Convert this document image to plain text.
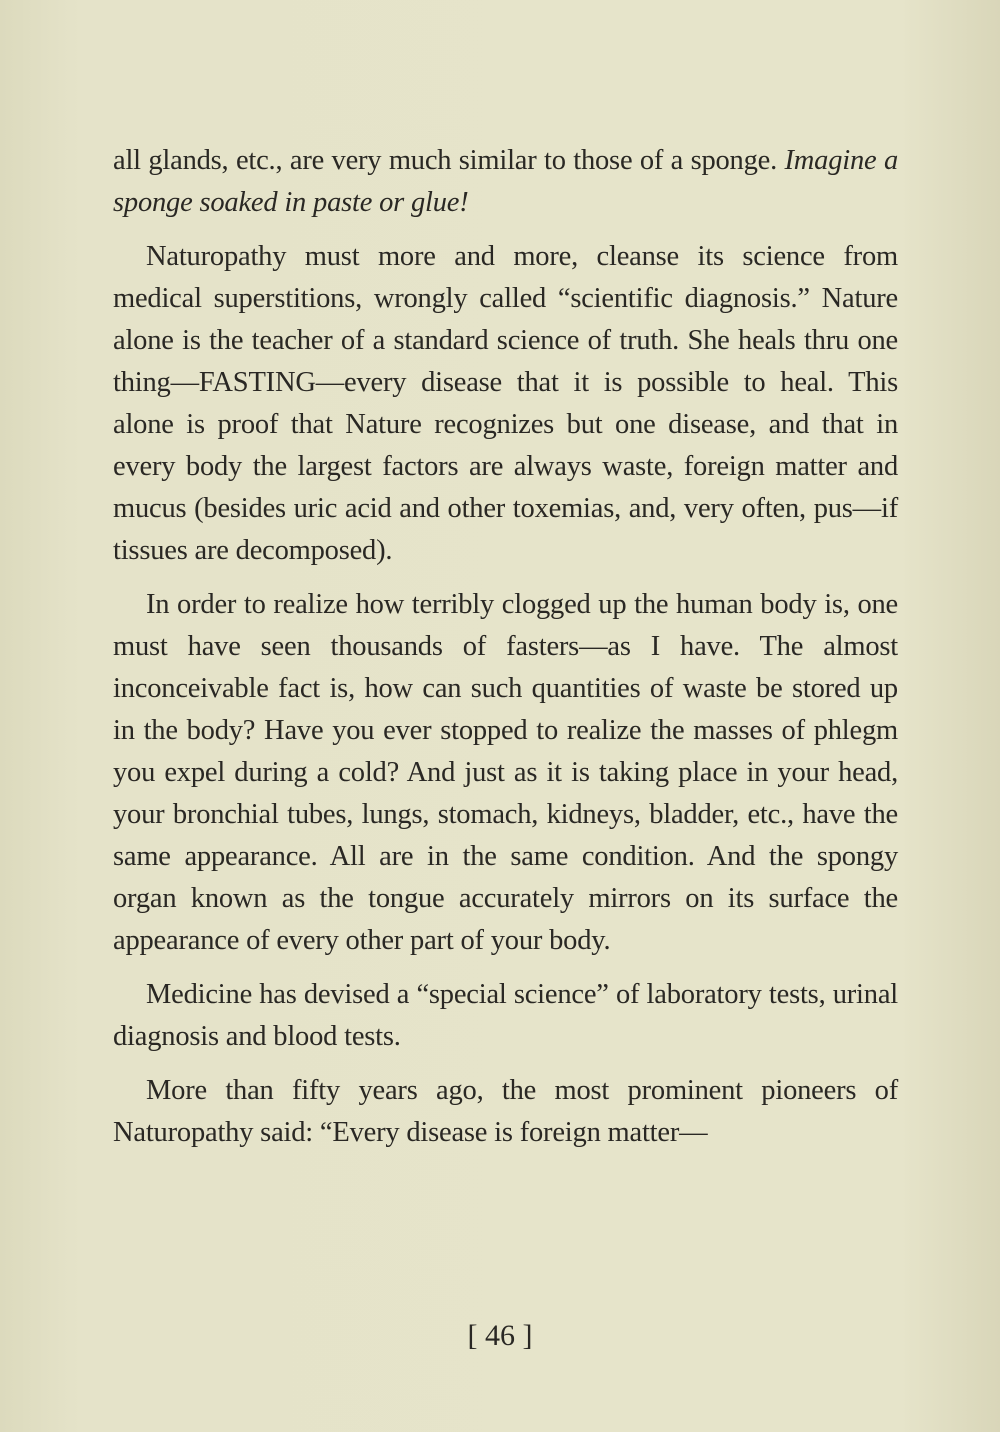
all glands, etc., are very much similar to those of a sponge. Imagine a sponge soaked in paste or glue!

Naturopathy must more and more, cleanse its science from medical superstitions, wrongly called “scientific diagnosis.” Nature alone is the teacher of a standard science of truth. She heals thru one thing—FASTING—every disease that it is possible to heal. This alone is proof that Nature recognizes but one disease, and that in every body the largest factors are always waste, foreign matter and mucus (besides uric acid and other toxemias, and, very often, pus—if tissues are decomposed).

In order to realize how terribly clogged up the human body is, one must have seen thousands of fasters—as I have. The almost inconceivable fact is, how can such quantities of waste be stored up in the body? Have you ever stopped to realize the masses of phlegm you expel during a cold? And just as it is taking place in your head, your bronchial tubes, lungs, stomach, kidneys, bladder, etc., have the same appearance. All are in the same condition. And the spongy organ known as the tongue accurately mirrors on its surface the appearance of every other part of your body.

Medicine has devised a “special science” of laboratory tests, urinal diagnosis and blood tests.

More than fifty years ago, the most prominent pioneers of Naturopathy said: “Every disease is foreign matter—

[ 46 ]
